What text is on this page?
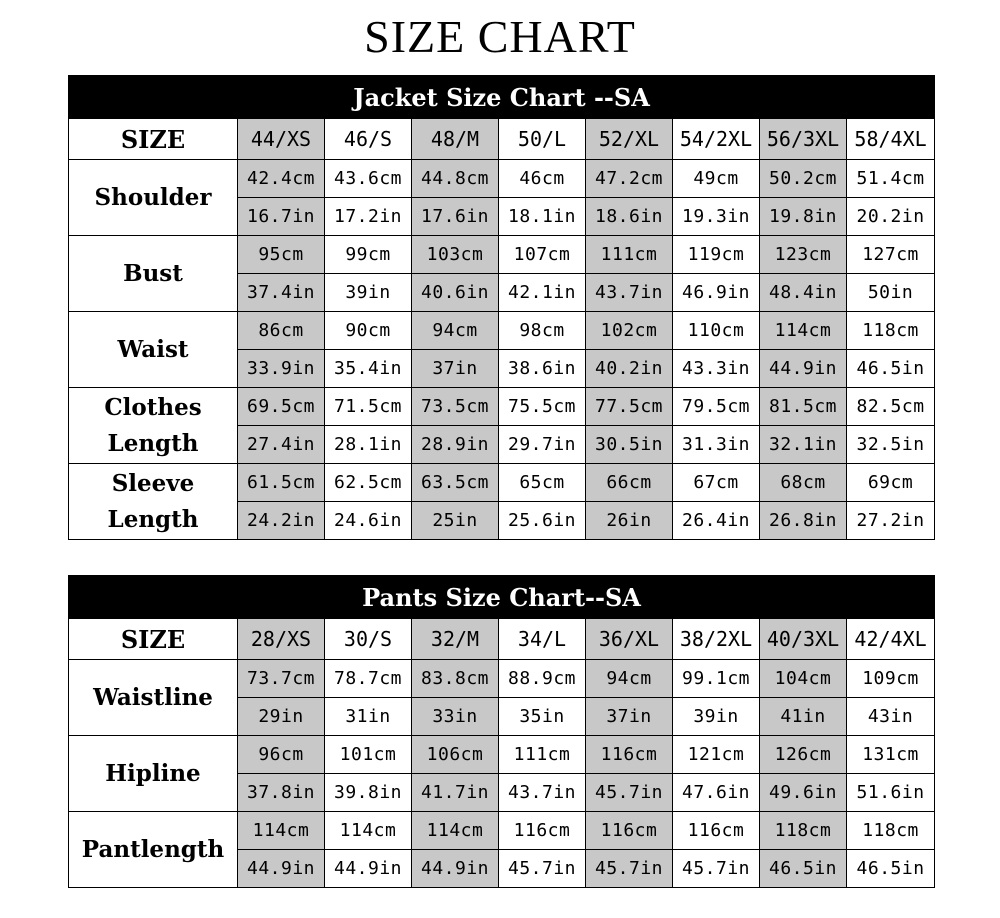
SIZE CHART
Jacket Size Chart --SA								
SIZE	44/XS	46/S	48/M	50/L	52/XL	54/2XL	56/3XL	58/4XL
Shoulder	42.4cm	43.6cm	44.8cm	46cm	47.2cm	49cm	50.2cm	51.4cm
	16.7in	17.2in	17.6in	18.1in	18.6in	19.3in	19.8in	20.2in
Bust	95cm	99cm	103cm	107cm	111cm	119cm	123cm	127cm
	37.4in	39in	40.6in	42.1in	43.7in	46.9in	48.4in	50in
Waist	86cm	90cm	94cm	98cm	102cm	110cm	114cm	118cm
	33.9in	35.4in	37in	38.6in	40.2in	43.3in	44.9in	46.5in
Clothes Length	69.5cm	71.5cm	73.5cm	75.5cm	77.5cm	79.5cm	81.5cm	82.5cm
	27.4in	28.1in	28.9in	29.7in	30.5in	31.3in	32.1in	32.5in
Sleeve Length	61.5cm	62.5cm	63.5cm	65cm	66cm	67cm	68cm	69cm
	24.2in	24.6in	25in	25.6in	26in	26.4in	26.8in	27.2in
Pants Size Chart--SA								
SIZE	28/XS	30/S	32/M	34/L	36/XL	38/2XL	40/3XL	42/4XL
Waistline	73.7cm	78.7cm	83.8cm	88.9cm	94cm	99.1cm	104cm	109cm
	29in	31in	33in	35in	37in	39in	41in	43in
Hipline	96cm	101cm	106cm	111cm	116cm	121cm	126cm	131cm
	37.8in	39.8in	41.7in	43.7in	45.7in	47.6in	49.6in	51.6in
Pantlength	114cm	114cm	114cm	116cm	116cm	116cm	118cm	118cm
	44.9in	44.9in	44.9in	45.7in	45.7in	45.7in	46.5in	46.5in
